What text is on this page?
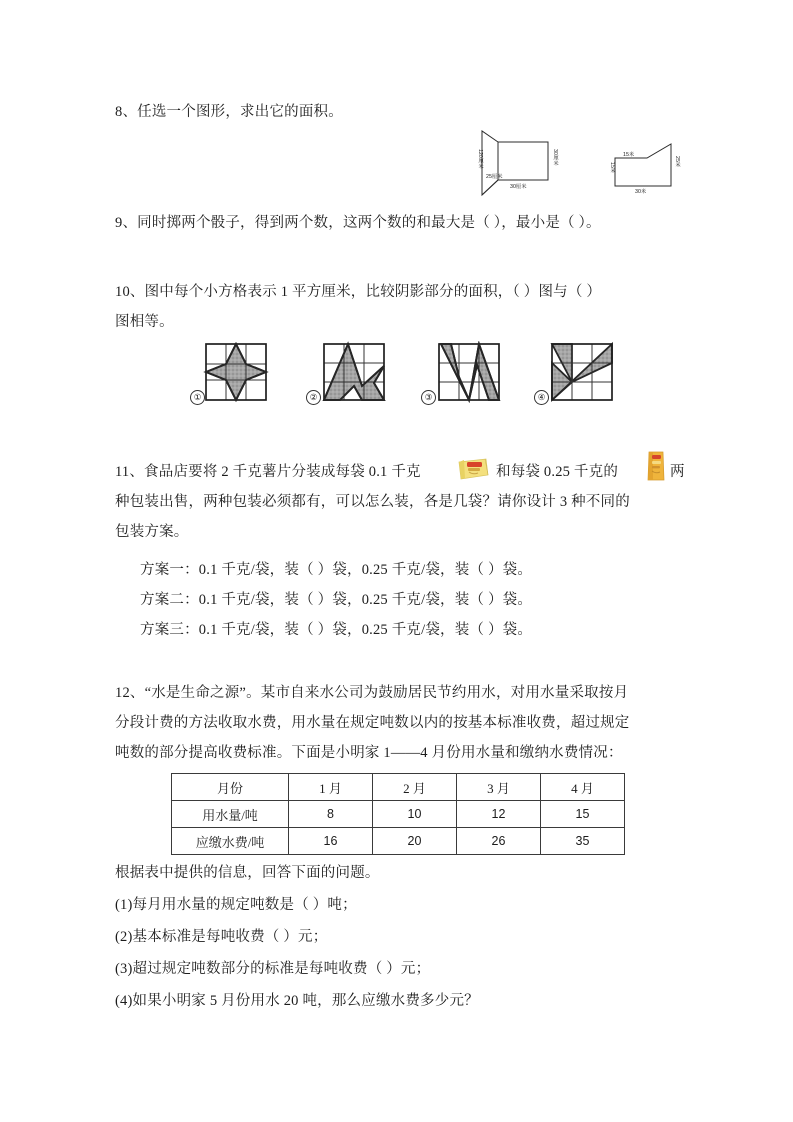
8、任选一个图形，求出它的面积。
120厘米
25厘米
30厘米
30厘米	15米
15米
25米
30米
9、同时掷两个骰子，得到两个数，这两个数的和最大是（ ），最小是（ ）。
10、图中每个小方格表示 1 平方厘米，比较阴影部分的面积，（ ）图与（ ）
图相等。
①	②	③	④
11、食品店要将 2 千克薯片分装成每袋 0.1 千克	和每袋 0.25 千克的	两
种包装出售，两种包装必须都有，可以怎么装，各是几袋？请你设计 3 种不同的
包装方案。
方案一：0.1 千克/袋，装（ ）袋，0.25 千克/袋，装（ ）袋。
方案二：0.1 千克/袋，装（ ）袋，0.25 千克/袋，装（ ）袋。
方案三：0.1 千克/袋，装（ ）袋，0.25 千克/袋，装（ ）袋。
12、“水是生命之源”。某市自来水公司为鼓励居民节约用水，对用水量采取按月
分段计费的方法收取水费，用水量在规定吨数以内的按基本标准收费，超过规定
吨数的部分提高收费标准。下面是小明家 1——4 月份用水量和缴纳水费情况：
月份	1 月	2 月	3 月	4 月
用水量/吨	8	10	12	15
应缴水费/吨	16	20	26	35
根据表中提供的信息，回答下面的问题。
(1)每月用水量的规定吨数是（ ）吨；
(2)基本标准是每吨收费（ ）元；
(3)超过规定吨数部分的标准是每吨收费（ ）元；
(4)如果小明家 5 月份用水 20 吨，那么应缴水费多少元？
